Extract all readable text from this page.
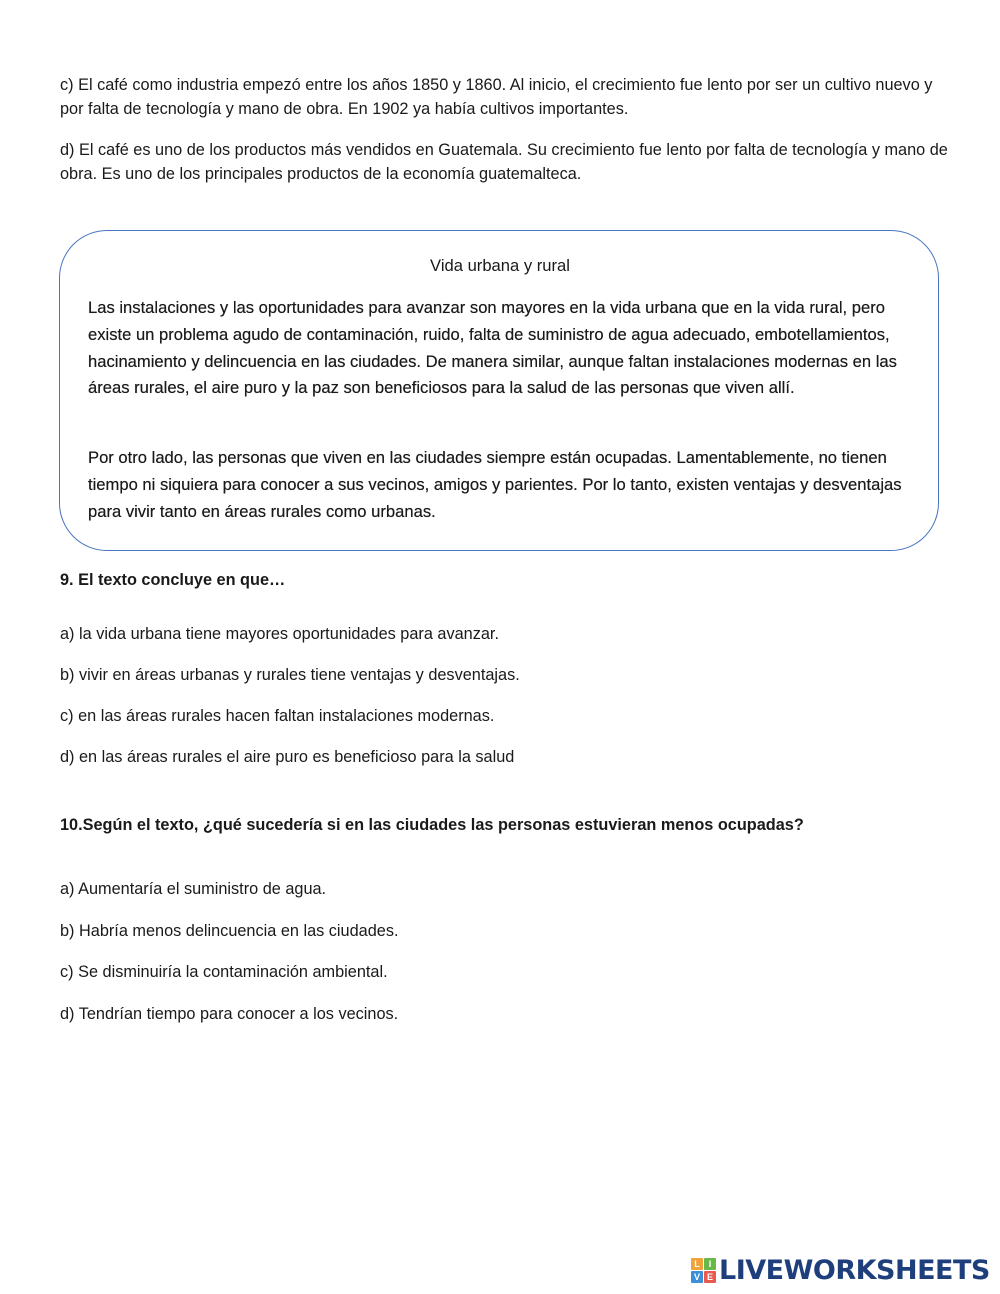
c) El café como industria empezó entre los años 1850 y 1860. Al inicio, el crecimiento fue lento por ser un cultivo nuevo y por falta de tecnología y mano de obra. En 1902 ya había cultivos importantes.

d) El café es uno de los productos más vendidos en Guatemala. Su crecimiento fue lento por falta de tecnología y mano de obra. Es uno de los principales productos de la economía guatemalteca.

Vida urbana y rural

Las instalaciones y las oportunidades para avanzar son mayores en la vida urbana que en la vida rural, pero existe un problema agudo de contaminación, ruido, falta de suministro de agua adecuado, embotellamientos, hacinamiento y delincuencia en las ciudades. De manera similar, aunque faltan instalaciones modernas en las áreas rurales, el aire puro y la paz son beneficiosos para la salud de las personas que viven allí.

Por otro lado, las personas que viven en las ciudades siempre están ocupadas. Lamentablemente, no tienen tiempo ni siquiera para conocer a sus vecinos, amigos y parientes. Por lo tanto, existen ventajas y desventajas para vivir tanto en áreas rurales como urbanas.

9. El texto concluye en que…

a) la vida urbana tiene mayores oportunidades para avanzar.

b) vivir en áreas urbanas y rurales tiene ventajas y desventajas.

c) en las áreas rurales hacen faltan instalaciones modernas.

d) en las áreas rurales el aire puro es beneficioso para la salud

10.Según el texto, ¿qué sucedería si en las ciudades las personas estuvieran menos ocupadas?

a) Aumentaría el suministro de agua.

b) Habría menos delincuencia en las ciudades.

c) Se disminuiría la contaminación ambiental.

d) Tendrían tiempo para conocer a los vecinos.

L I
V E LIVEWORKSHEETS
